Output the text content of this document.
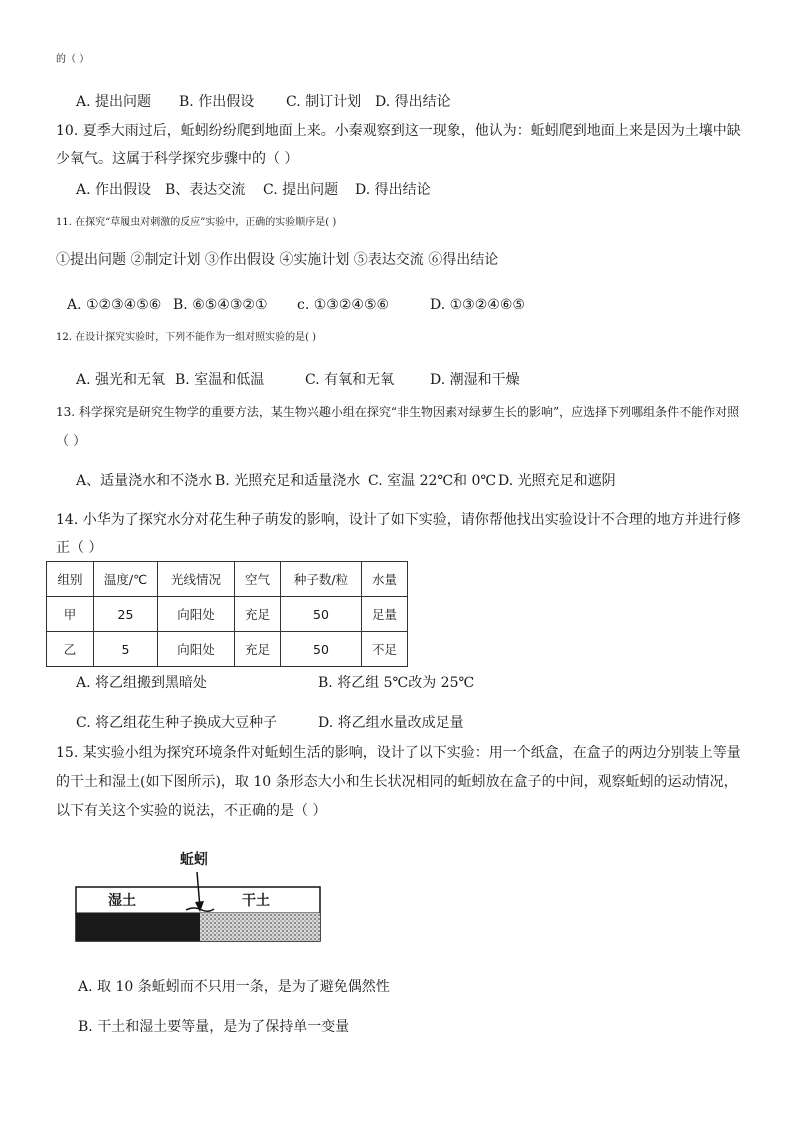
的（ ）
A. 提出问题 B. 作出假设 C. 制订计划 D. 得出结论
10. 夏季大雨过后，蚯蚓纷纷爬到地面上来。小秦观察到这一现象，他认为：蚯蚓爬到地面上来是因为土壤中缺
少氧气。这属于科学探究步骤中的（ ）
A. 作出假设 B、表达交流 C. 提出问题 D. 得出结论
11. 在探究“草履虫对刺激的反应”实验中，正确的实验顺序是( )
①提出问题 ②制定计划 ③作出假设 ④实施计划 ⑤表达交流 ⑥得出结论
A. ①②③④⑤⑥ B. ⑥⑤④③②① c. ①③②④⑤⑥	D. ①③②④⑥⑤
12. 在设计探究实验时，下列不能作为一组对照实验的是( )
A. 强光和无氧 B. 室温和低温	C. 有氧和无氧	D. 潮湿和干燥
13. 科学探究是研究生物学的重要方法，某生物兴趣小组在探究“非生物因素对绿萝生长的影响”，应选择下列哪组条件不能作对照
（ ）
A、适量浇水和不浇水 B. 光照充足和适量浇水 C. 室温 22℃和 0℃ D. 光照充足和遮阴
14. 小华为了探究水分对花生种子萌发的影响，设计了如下实验，请你帮他找出实验设计不合理的地方并进行修
正（ ）
组别	温度/℃	光线情况	空气	种子数/粒	水量
甲	25	向阳处	充足	50	足量
乙	5	向阳处	充足	50	不足
A. 将乙组搬到黑暗处	B. 将乙组 5℃改为 25℃
C. 将乙组花生种子换成大豆种子	D. 将乙组水量改成足量
15. 某实验小组为探究环境条件对蚯蚓生活的影响，设计了以下实验：用一个纸盒，在盒子的两边分别装上等量
的干土和湿土(如下图所示)，取 10 条形态大小和生长状况相同的蚯蚓放在盒子的中间，观察蚯蚓的运动情况，
以下有关这个实验的说法，不正确的是（ ）
蚯蚓
湿土	干土
A. 取 10 条蚯蚓而不只用一条，是为了避免偶然性
B. 干土和湿土要等量，是为了保持单一变量
